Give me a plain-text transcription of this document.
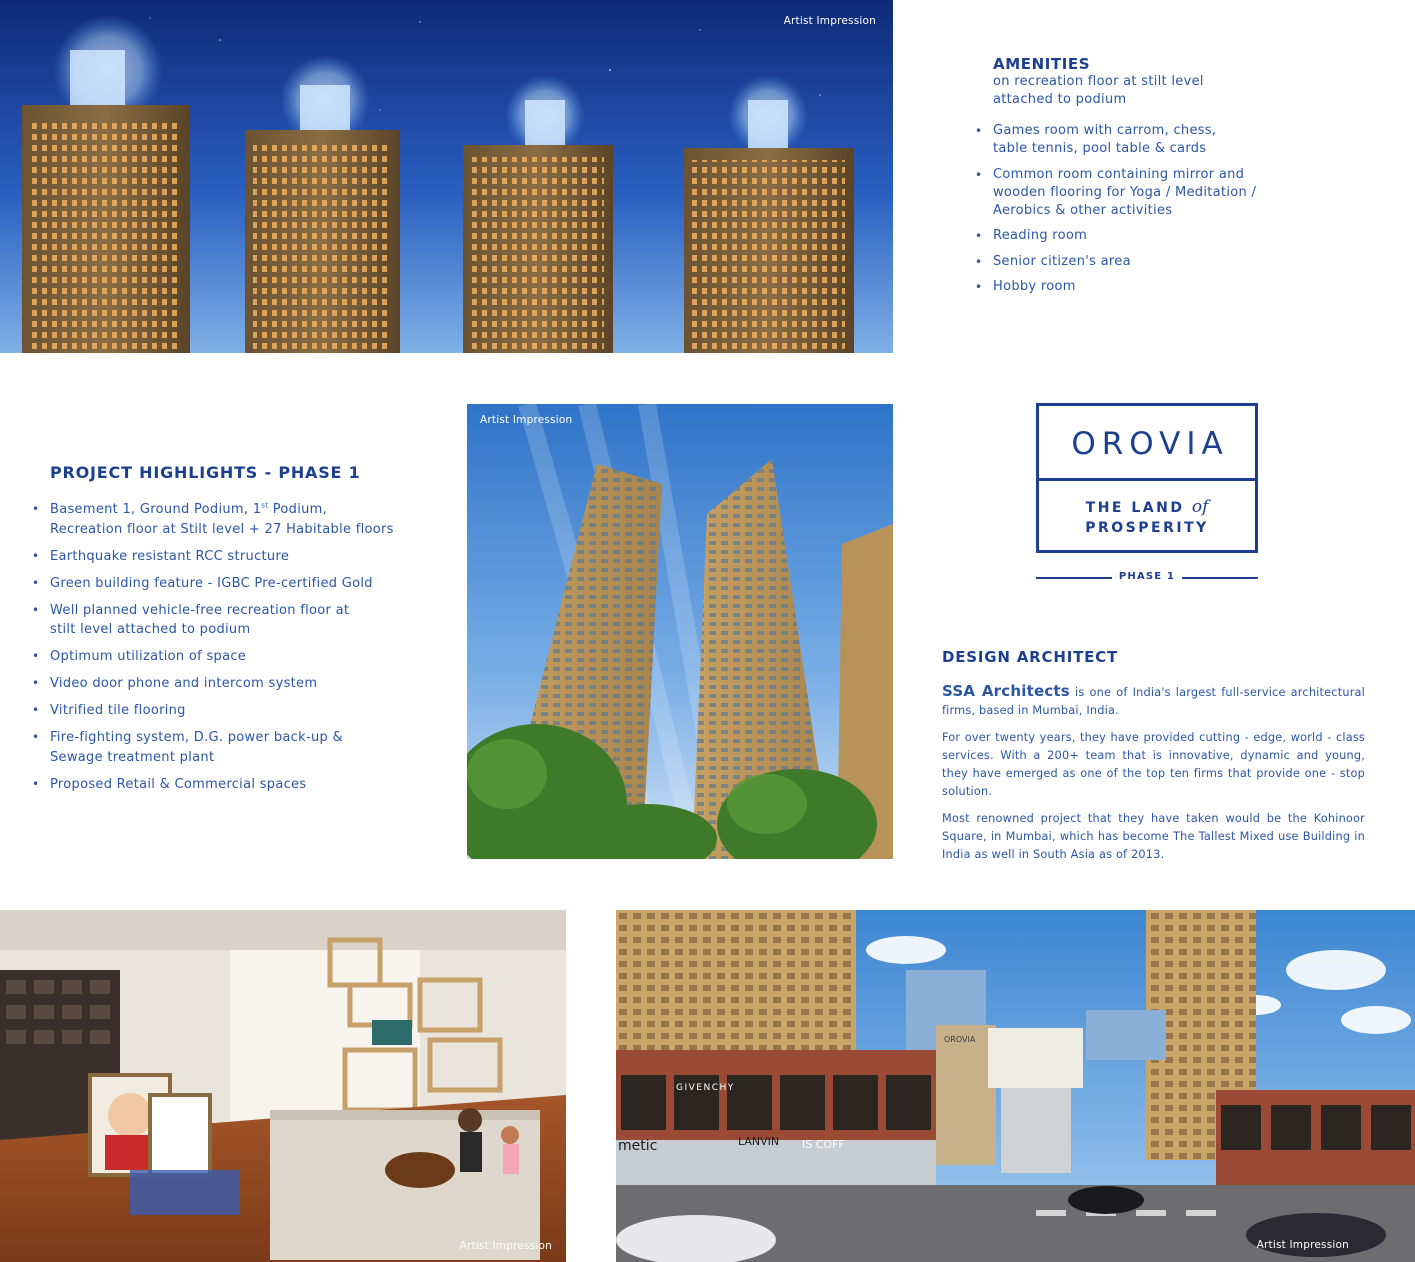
Artist Impression
AMENITIES
on recreation floor at stilt level
attached to podium
• Games room with carrom, chess,
table tennis, pool table & cards
• Common room containing mirror and
wooden flooring for Yoga / Meditation /
Aerobics & other activities
• Reading room
• Senior citizen's area
• Hobby room
PROJECT HIGHLIGHTS - PHASE 1
• Basement 1, Ground Podium, 1st Podium,
Recreation floor at Stilt level + 27 Habitable floors
• Earthquake resistant RCC structure
• Green building feature - IGBC Pre-certified Gold
• Well planned vehicle-free recreation floor at
stilt level attached to podium
• Optimum utilization of space
• Video door phone and intercom system
• Vitrified tile flooring
• Fire-fighting system, D.G. power back-up &
Sewage treatment plant
• Proposed Retail & Commercial spaces
Artist Impression
OROVIA
THE LAND of
PROSPERITY
PHASE 1
DESIGN ARCHITECT

SSA Architects is one of India's largest full-service architectural firms, based in Mumbai, India.

For over twenty years, they have provided cutting - edge, world - class services. With a 200+ team that is innovative, dynamic and young, they have emerged as one of the top ten firms that provide one - stop solution.

Most renowned project that they have taken would be the Kohinoor Square, in Mumbai, which has become The Tallest Mixed use Building in India as well in South Asia as of 2013.

Artist Impression
GIVENCHY
LANVIN
metic	IS COFF
OROVIA
Artist Impression
